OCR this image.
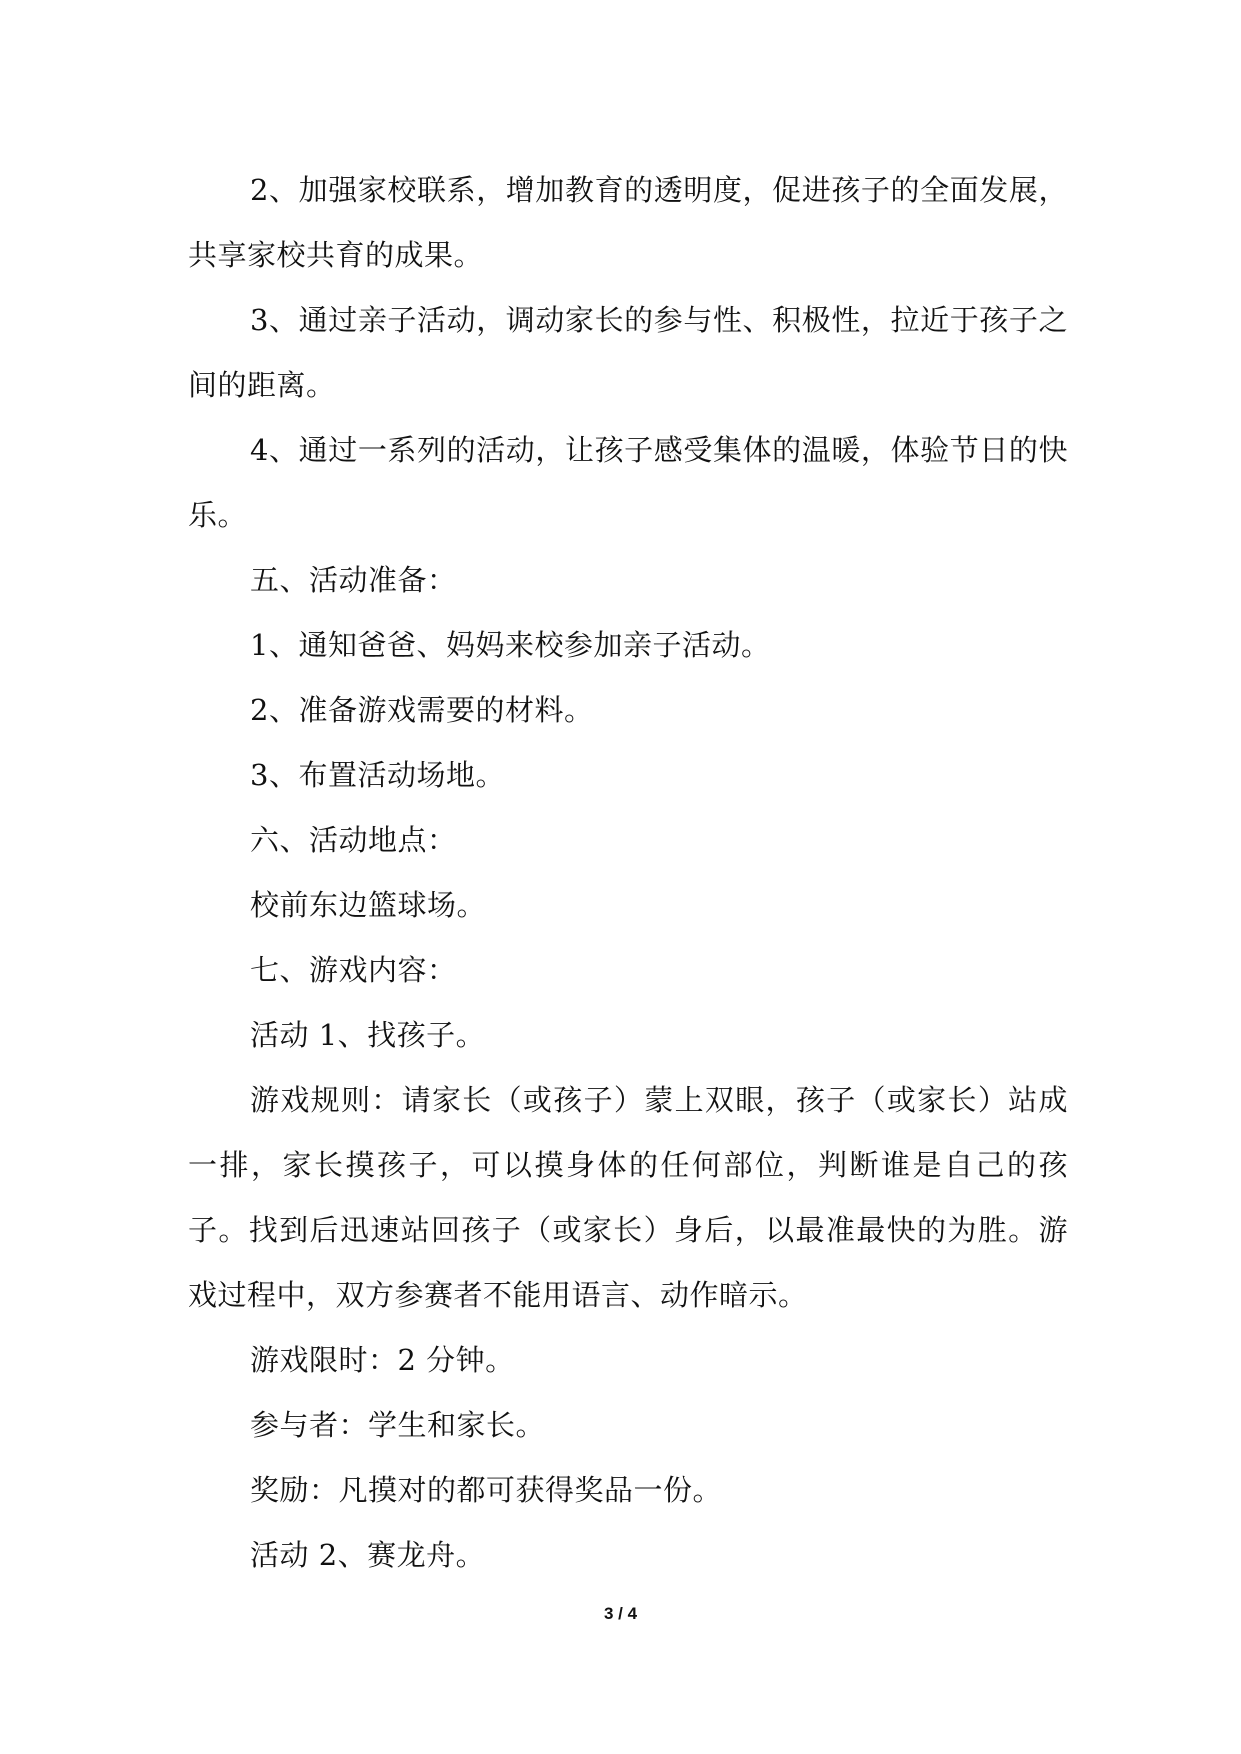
2、加强家校联系，增加教育的透明度，促进孩子的全面发展，共享家校共育的成果。

3、通过亲子活动，调动家长的参与性、积极性，拉近于孩子之间的距离。

4、通过一系列的活动，让孩子感受集体的温暖，体验节日的快乐。

五、活动准备：

1、通知爸爸、妈妈来校参加亲子活动。

2、准备游戏需要的材料。

3、布置活动场地。

六、活动地点：

校前东边篮球场。

七、游戏内容：

活动 1、找孩子。

游戏规则：请家长（或孩子）蒙上双眼，孩子（或家长）站成一排，家长摸孩子，可以摸身体的任何部位，判断谁是自己的孩子。找到后迅速站回孩子（或家长）身后，以最准最快的为胜。游戏过程中，双方参赛者不能用语言、动作暗示。

游戏限时：2 分钟。

参与者：学生和家长。

奖励：凡摸对的都可获得奖品一份。

活动 2、赛龙舟。

3 / 4
